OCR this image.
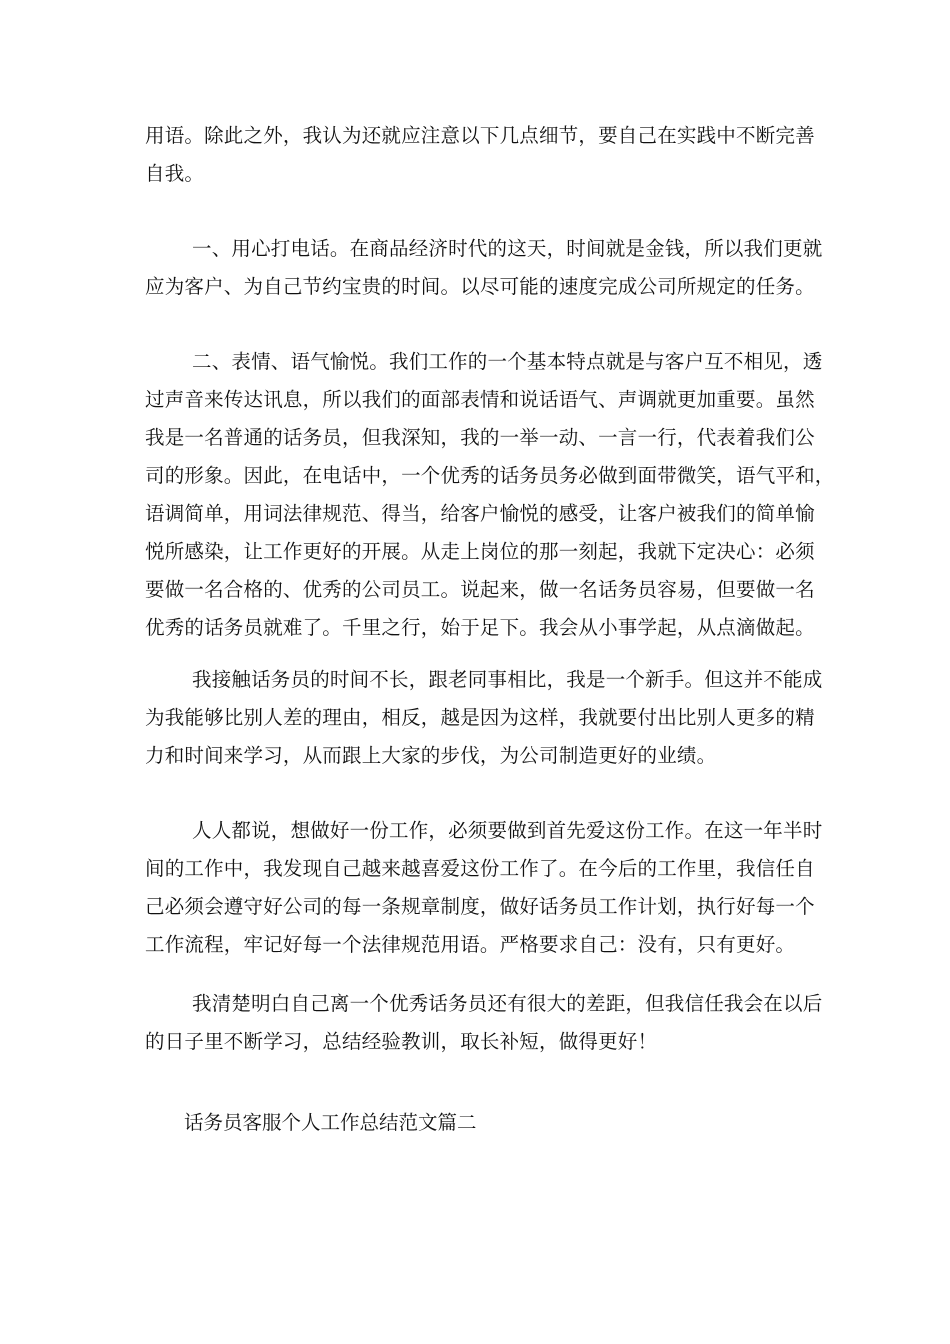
用语。除此之外，我认为还就应注意以下几点细节，要自己在实践中不断完善
自我。
一、用心打电话。在商品经济时代的这天，时间就是金钱，所以我们更就
应为客户、为自己节约宝贵的时间。以尽可能的速度完成公司所规定的任务。
二、表情、语气愉悦。我们工作的一个基本特点就是与客户互不相见，透
过声音来传达讯息，所以我们的面部表情和说话语气、声调就更加重要。虽然
我是一名普通的话务员，但我深知，我的一举一动、一言一行，代表着我们公
司的形象。因此，在电话中，一个优秀的话务员务必做到面带微笑，语气平和，
语调简单，用词法律规范、得当，给客户愉悦的感受，让客户被我们的简单愉
悦所感染，让工作更好的开展。从走上岗位的那一刻起，我就下定决心：必须
要做一名合格的、优秀的公司员工。说起来，做一名话务员容易，但要做一名
优秀的话务员就难了。千里之行，始于足下。我会从小事学起，从点滴做起。
我接触话务员的时间不长，跟老同事相比，我是一个新手。但这并不能成
为我能够比别人差的理由，相反，越是因为这样，我就要付出比别人更多的精
力和时间来学习，从而跟上大家的步伐，为公司制造更好的业绩。
人人都说，想做好一份工作，必须要做到首先爱这份工作。在这一年半时
间的工作中，我发现自己越来越喜爱这份工作了。在今后的工作里，我信任自
己必须会遵守好公司的每一条规章制度，做好话务员工作计划，执行好每一个
工作流程，牢记好每一个法律规范用语。严格要求自己：没有，只有更好。
我清楚明白自己离一个优秀话务员还有很大的差距，但我信任我会在以后
的日子里不断学习，总结经验教训，取长补短，做得更好！
话务员客服个人工作总结范文篇二
